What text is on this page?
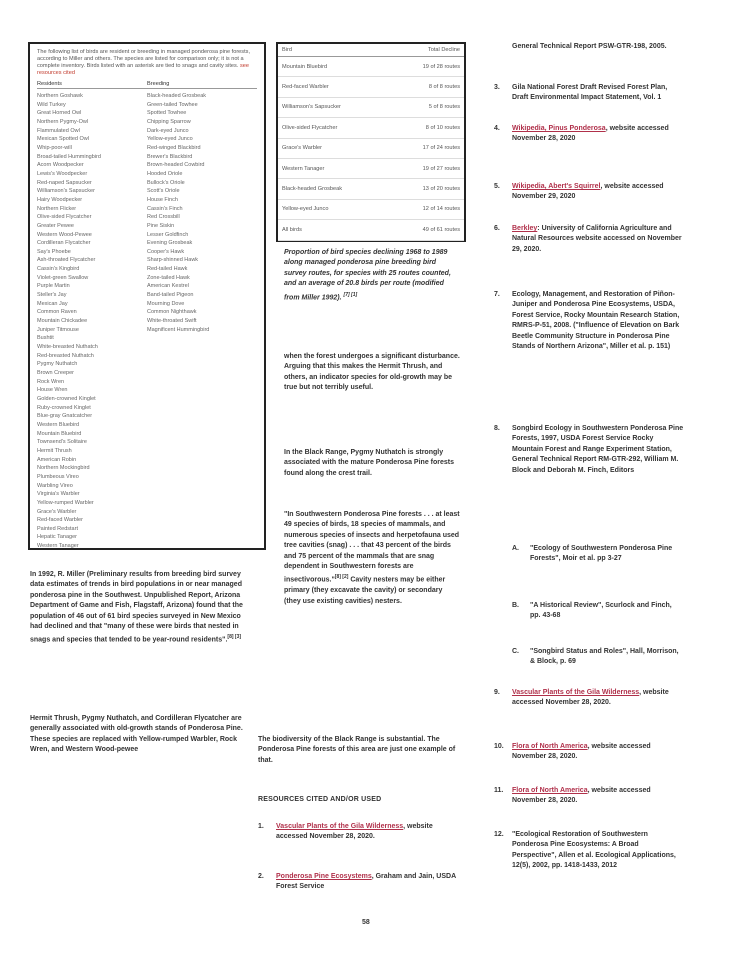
The following list of birds are resident or breeding in managed ponderosa pine forests, according to Miller and others. The species are listed for comparison only; it is not a complete inventory. Birds listed with an asterisk are tied to snags and cavity sites. see resources cited

Residents
Northern Goshawk
Wild Turkey
Great Horned Owl
Northern Pygmy-Owl
Flammulated Owl
Mexican Spotted Owl
Whip-poor-will
Broad-tailed Hummingbird
Acorn Woodpecker
Lewis's Woodpecker
Red-naped Sapsucker
Williamson's Sapsucker
Hairy Woodpecker
Northern Flicker
Olive-sided Flycatcher
Greater Pewee
Western Wood-Pewee
Cordilleran Flycatcher
Say's Phoebe
Ash-throated Flycatcher
Cassin's Kingbird
Violet-green Swallow
Purple Martin
Steller's Jay
Mexican Jay
Common Raven
Mountain Chickadee
Juniper Titmouse
Bushtit
White-breasted Nuthatch
Red-breasted Nuthatch
Pygmy Nuthatch
Brown Creeper
Rock Wren
House Wren
Golden-crowned Kinglet
Ruby-crowned Kinglet
Blue-gray Gnatcatcher
Western Bluebird
Mountain Bluebird
Townsend's Solitaire
Hermit Thrush
American Robin
Northern Mockingbird
Plumbeous Vireo
Warbling Vireo
Virginia's Warbler
Yellow-rumped Warbler
Grace's Warbler
Red-faced Warbler
Painted Redstart
Hepatic Tanager
Western Tanager
Breeding
Black-headed Grosbeak
Green-tailed Towhee
Spotted Towhee
Chipping Sparrow
Dark-eyed Junco
Yellow-eyed Junco
Red-winged Blackbird
Brewer's Blackbird
Brown-headed Cowbird
Hooded Oriole
Bullock's Oriole
Scott's Oriole
House Finch
Cassin's Finch
Red Crossbill
Pine Siskin
Lesser Goldfinch
Evening Grosbeak
Cooper's Hawk
Sharp-shinned Hawk
Red-tailed Hawk
Zone-tailed Hawk
American Kestrel
Band-tailed Pigeon
Mourning Dove
Common Nighthawk
White-throated Swift
Magnificent Hummingbird
Bird	Total Decline
Mountain Bluebird	19 of 28 routes
Red-faced Warbler	8 of 8 routes
Williamson's Sapsucker	5 of 8 routes
Olive-sided Flycatcher	8 of 10 routes
Grace's Warbler	17 of 24 routes
Western Tanager	19 of 27 routes
Black-headed Grosbeak	13 of 20 routes
Yellow-eyed Junco	12 of 14 routes
All birds	49 of 61 routes

Proportion of bird species declining 1968 to 1989 along managed ponderosa pine breeding bird survey routes, for species with 25 routes counted, and an average of 20.8 birds per route (modified from Miller 1992). [7] [1]

when the forest undergoes a significant disturbance. Arguing that this makes the Hermit Thrush, and others, an indicator species for old-growth may be true but not terribly useful.

In the Black Range, Pygmy Nuthatch is strongly associated with the mature Ponderosa Pine forests found along the crest trail.

"In Southwestern Ponderosa Pine forests . . . at least 49 species of birds, 18 species of mammals, and numerous species of insects and herpetofauna used tree cavities (snag) . . . that 43 percent of the birds and 75 percent of the mammals that are snag dependent in Southwestern forests are insectivorous."[8] [2] Cavity nesters may be either primary (they excavate the cavity) or secondary (they use existing cavities) nesters.

The biodiversity of the Black Range is substantial. The Ponderosa Pine forests of this area are just one example of that.

RESOURCES CITED AND/OR USED

In 1992, R. Miller (Preliminary results from breeding bird survey data estimates of trends in bird populations in or near managed ponderosa pine in the Southwest. Unpublished Report, Arizona Department of Game and Fish, Flagstaff, Arizona) found that the population of 46 out of 61 bird species surveyed in New Mexico had declined and that "many of these were birds that nested in snags and species that tended to be year-round residents".[8] [3]

Hermit Thrush, Pygmy Nuthatch, and Cordilleran Flycatcher are generally associated with old-growth stands of Ponderosa Pine. These species are replaced with Yellow-rumped Warbler, Rock Wren, and Western Wood-pewee

1.	Vascular Plants of the Gila Wilderness, website accessed November 28, 2020.
2.	Ponderosa Pine Ecosystems, Graham and Jain, USDA Forest Service
General Technical Report PSW-GTR-198, 2005.
3.	Gila National Forest Draft Revised Forest Plan, Draft Environmental Impact Statement, Vol. 1
4.	Wikipedia, Pinus Ponderosa, website accessed November 28, 2020
5.	Wikipedia, Abert's Squirrel, website accessed November 29, 2020
6.	Berkley: University of California Agriculture and Natural Resources website accessed on November 29, 2020.
7.	Ecology, Management, and Restoration of Piñon-Juniper and Ponderosa Pine Ecosystems, USDA, Forest Service, Rocky Mountain Research Station, RMRS-P-51, 2008. ("Influence of Elevation on Bark Beetle Community Structure in Ponderosa Pine Stands of Northern Arizona", Miller et al. p. 151)
8.	Songbird Ecology in Southwestern Ponderosa Pine Forests, 1997, USDA Forest Service Rocky Mountain Forest and Range Experiment Station, General Technical Report RM-GTR-292, William M. Block and Deborah M. Finch, Editors
A.	"Ecology of Southwestern Ponderosa Pine Forests", Moir et al. pp 3-27
B.	"A Historical Review", Scurlock and Finch, pp. 43-68
C.	"Songbird Status and Roles", Hall, Morrison, & Block, p. 69
9.	Vascular Plants of the Gila Wilderness, website accessed November 28, 2020.
10.	Flora of North America, website accessed November 28, 2020.
11.	Flora of North America, website accessed November 28, 2020.
12.	"Ecological Restoration of Southwestern Ponderosa Pine Ecosystems: A Broad Perspective", Allen et al. Ecological Applications, 12(5), 2002, pp. 1418-1433, 2012
58
